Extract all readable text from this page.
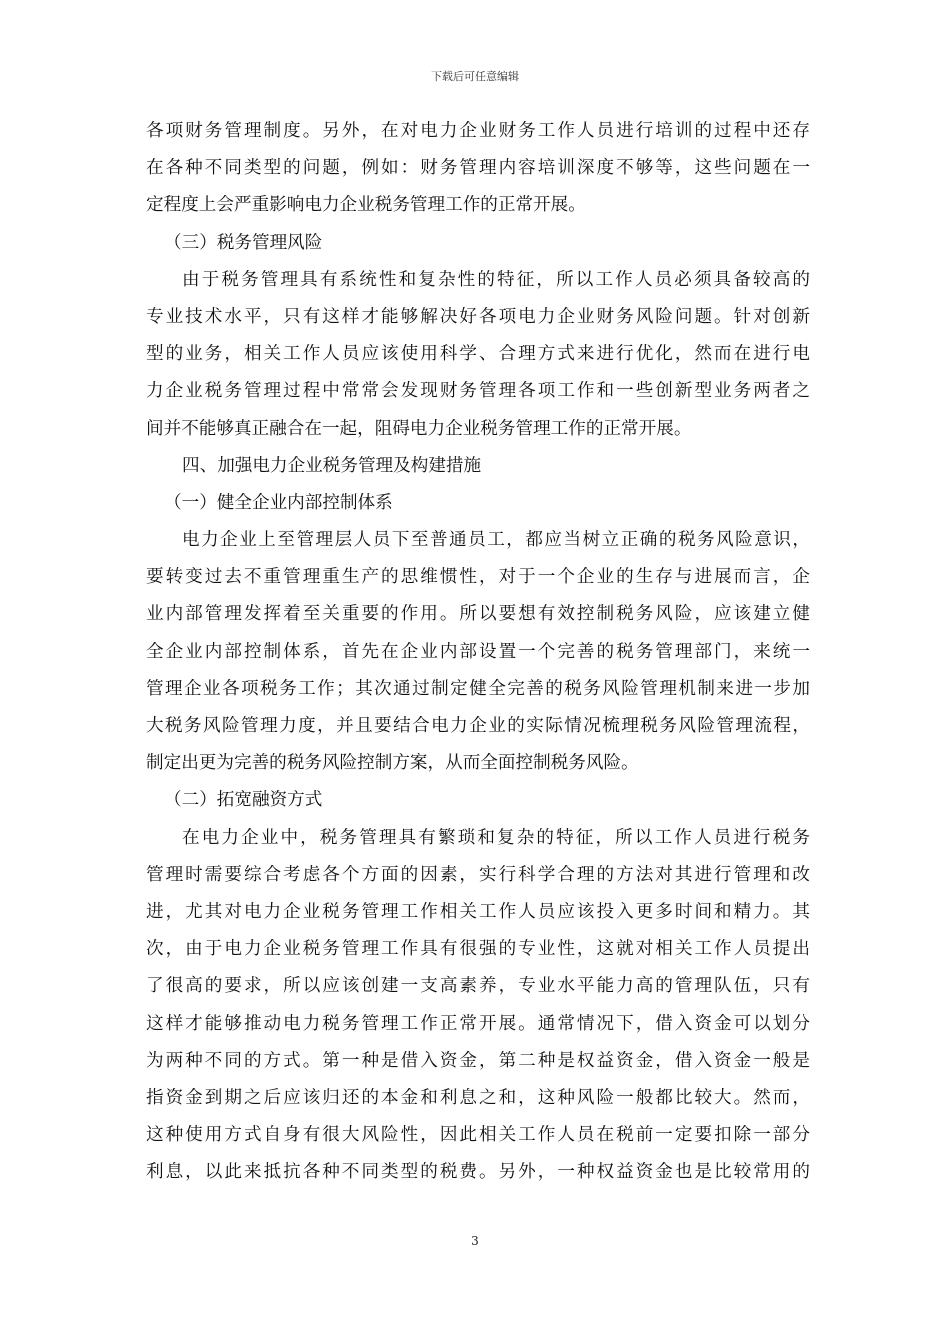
下载后可任意编辑
各项财务管理制度。另外，在对电力企业财务工作人员进行培训的过程中还存
在各种不同类型的问题，例如：财务管理内容培训深度不够等，这些问题在一
定程度上会严重影响电力企业税务管理工作的正常开展。
（三）税务管理风险
由于税务管理具有系统性和复杂性的特征，所以工作人员必须具备较高的
专业技术水平，只有这样才能够解决好各项电力企业财务风险问题。针对创新
型的业务，相关工作人员应该使用科学、合理方式来进行优化，然而在进行电
力企业税务管理过程中常常会发现财务管理各项工作和一些创新型业务两者之
间并不能够真正融合在一起，阻碍电力企业税务管理工作的正常开展。
四、加强电力企业税务管理及构建措施
（一）健全企业内部控制体系
电力企业上至管理层人员下至普通员工，都应当树立正确的税务风险意识，
要转变过去不重管理重生产的思维惯性，对于一个企业的生存与进展而言，企
业内部管理发挥着至关重要的作用。所以要想有效控制税务风险，应该建立健
全企业内部控制体系，首先在企业内部设置一个完善的税务管理部门，来统一
管理企业各项税务工作；其次通过制定健全完善的税务风险管理机制来进一步加
大税务风险管理力度，并且要结合电力企业的实际情况梳理税务风险管理流程，
制定出更为完善的税务风险控制方案，从而全面控制税务风险。
（二）拓宽融资方式
在电力企业中，税务管理具有繁琐和复杂的特征，所以工作人员进行税务
管理时需要综合考虑各个方面的因素，实行科学合理的方法对其进行管理和改
进，尤其对电力企业税务管理工作相关工作人员应该投入更多时间和精力。其
次，由于电力企业税务管理工作具有很强的专业性，这就对相关工作人员提出
了很高的要求，所以应该创建一支高素养，专业水平能力高的管理队伍，只有
这样才能够推动电力税务管理工作正常开展。通常情况下，借入资金可以划分
为两种不同的方式。第一种是借入资金，第二种是权益资金，借入资金一般是
指资金到期之后应该归还的本金和利息之和，这种风险一般都比较大。然而，
这种使用方式自身有很大风险性，因此相关工作人员在税前一定要扣除一部分
利息，以此来抵抗各种不同类型的税费。另外，一种权益资金也是比较常用的
3
